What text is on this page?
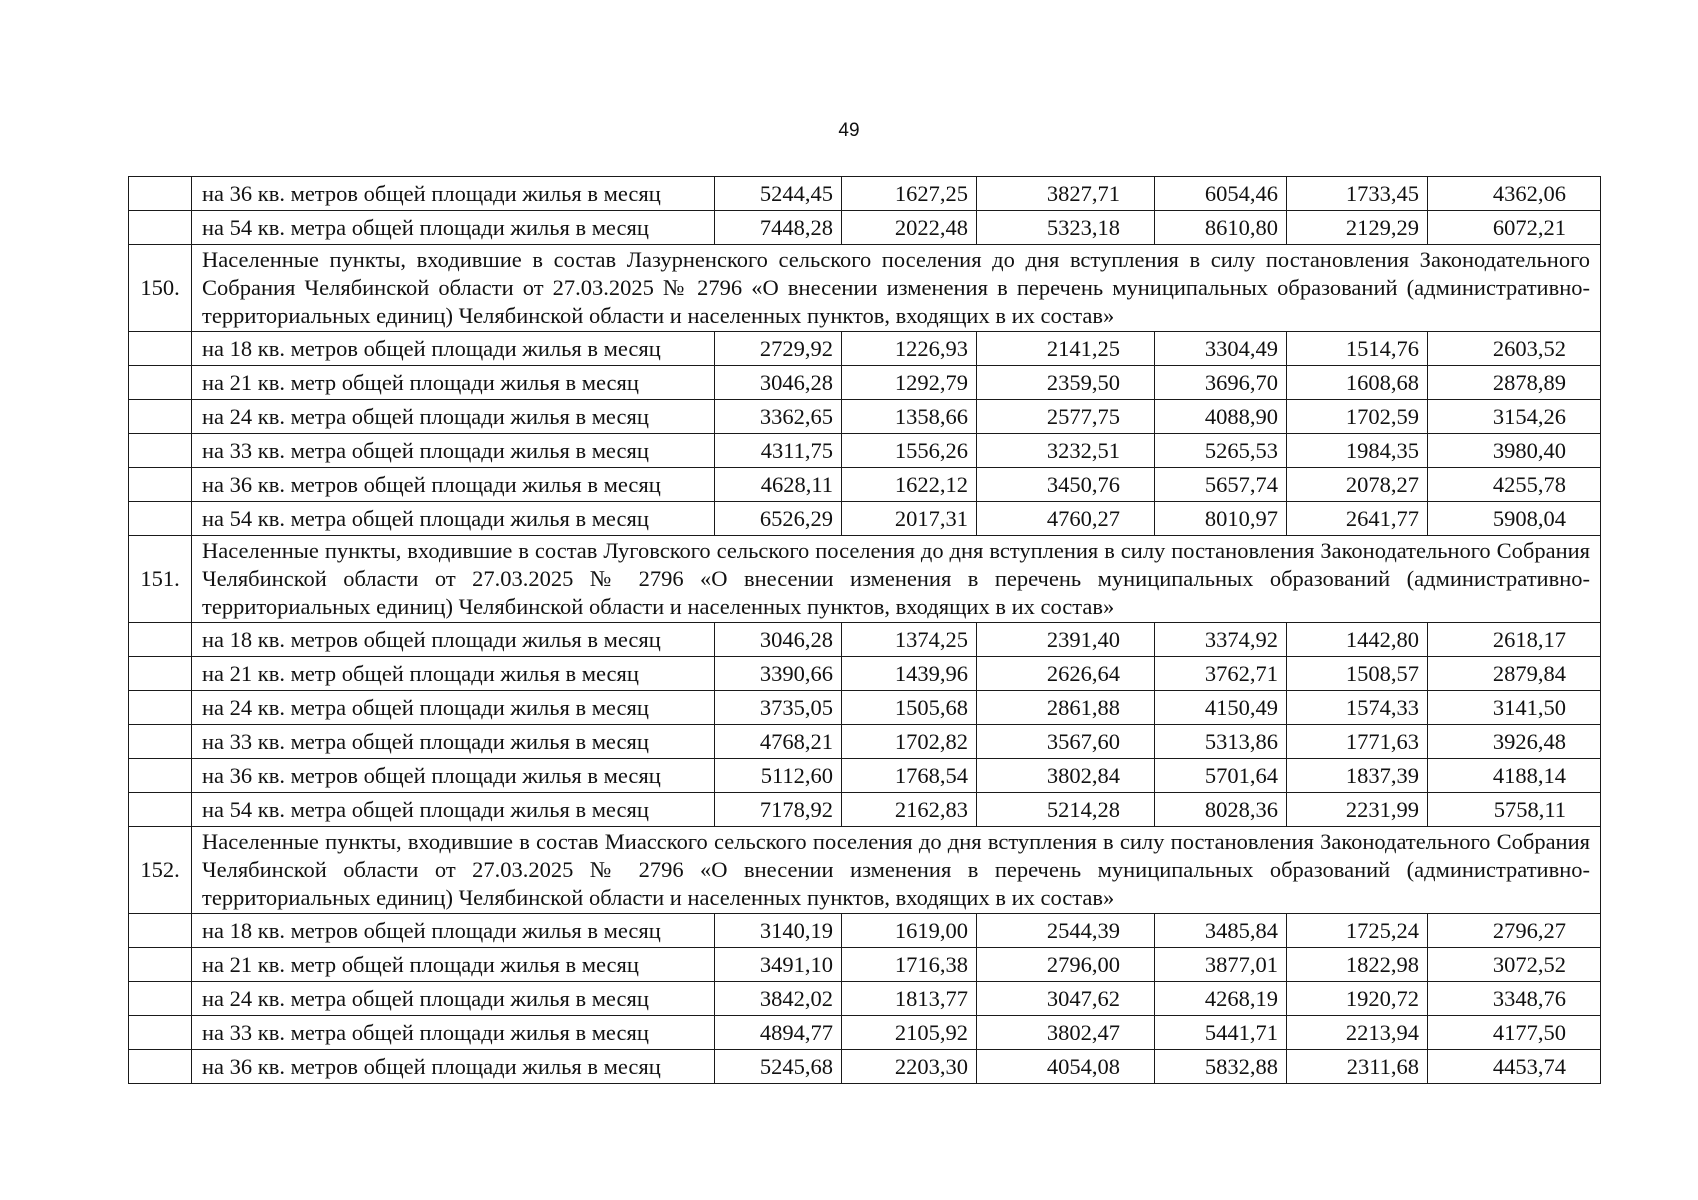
49
	на 36 кв. метров общей площади жилья в месяц	5244,45	1627,25	3827,71	6054,46	1733,45	4362,06
	на 54 кв. метра общей площади жилья в месяц	7448,28	2022,48	5323,18	8610,80	2129,29	6072,21
150.	Населенные пункты, входившие в состав Лазурненского сельского поселения до дня вступления в силу постановления Законодательного Собрания Челябинской области от 27.03.2025 № 2796 «О внесении изменения в перечень муниципальных образований (административно-территориальных единиц) Челябинской области и населенных пунктов, входящих в их состав»						
	на 18 кв. метров общей площади жилья в месяц	2729,92	1226,93	2141,25	3304,49	1514,76	2603,52
	на 21 кв. метр общей площади жилья в месяц	3046,28	1292,79	2359,50	3696,70	1608,68	2878,89
	на 24 кв. метра общей площади жилья в месяц	3362,65	1358,66	2577,75	4088,90	1702,59	3154,26
	на 33 кв. метра общей площади жилья в месяц	4311,75	1556,26	3232,51	5265,53	1984,35	3980,40
	на 36 кв. метров общей площади жилья в месяц	4628,11	1622,12	3450,76	5657,74	2078,27	4255,78
	на 54 кв. метра общей площади жилья в месяц	6526,29	2017,31	4760,27	8010,97	2641,77	5908,04
151.	Населенные пункты, входившие в состав Луговского сельского поселения до дня вступления в силу постановления Законодательного Собрания Челябинской области от 27.03.2025 № 2796 «О внесении изменения в перечень муниципальных образований (административно-территориальных единиц) Челябинской области и населенных пунктов, входящих в их состав»						
	на 18 кв. метров общей площади жилья в месяц	3046,28	1374,25	2391,40	3374,92	1442,80	2618,17
	на 21 кв. метр общей площади жилья в месяц	3390,66	1439,96	2626,64	3762,71	1508,57	2879,84
	на 24 кв. метра общей площади жилья в месяц	3735,05	1505,68	2861,88	4150,49	1574,33	3141,50
	на 33 кв. метра общей площади жилья в месяц	4768,21	1702,82	3567,60	5313,86	1771,63	3926,48
	на 36 кв. метров общей площади жилья в месяц	5112,60	1768,54	3802,84	5701,64	1837,39	4188,14
	на 54 кв. метра общей площади жилья в месяц	7178,92	2162,83	5214,28	8028,36	2231,99	5758,11
152.	Населенные пункты, входившие в состав Миасского сельского поселения до дня вступления в силу постановления Законодательного Собрания Челябинской области от 27.03.2025 № 2796 «О внесении изменения в перечень муниципальных образований (административно-территориальных единиц) Челябинской области и населенных пунктов, входящих в их состав»						
	на 18 кв. метров общей площади жилья в месяц	3140,19	1619,00	2544,39	3485,84	1725,24	2796,27
	на 21 кв. метр общей площади жилья в месяц	3491,10	1716,38	2796,00	3877,01	1822,98	3072,52
	на 24 кв. метра общей площади жилья в месяц	3842,02	1813,77	3047,62	4268,19	1920,72	3348,76
	на 33 кв. метра общей площади жилья в месяц	4894,77	2105,92	3802,47	5441,71	2213,94	4177,50
	на 36 кв. метров общей площади жилья в месяц	5245,68	2203,30	4054,08	5832,88	2311,68	4453,74
